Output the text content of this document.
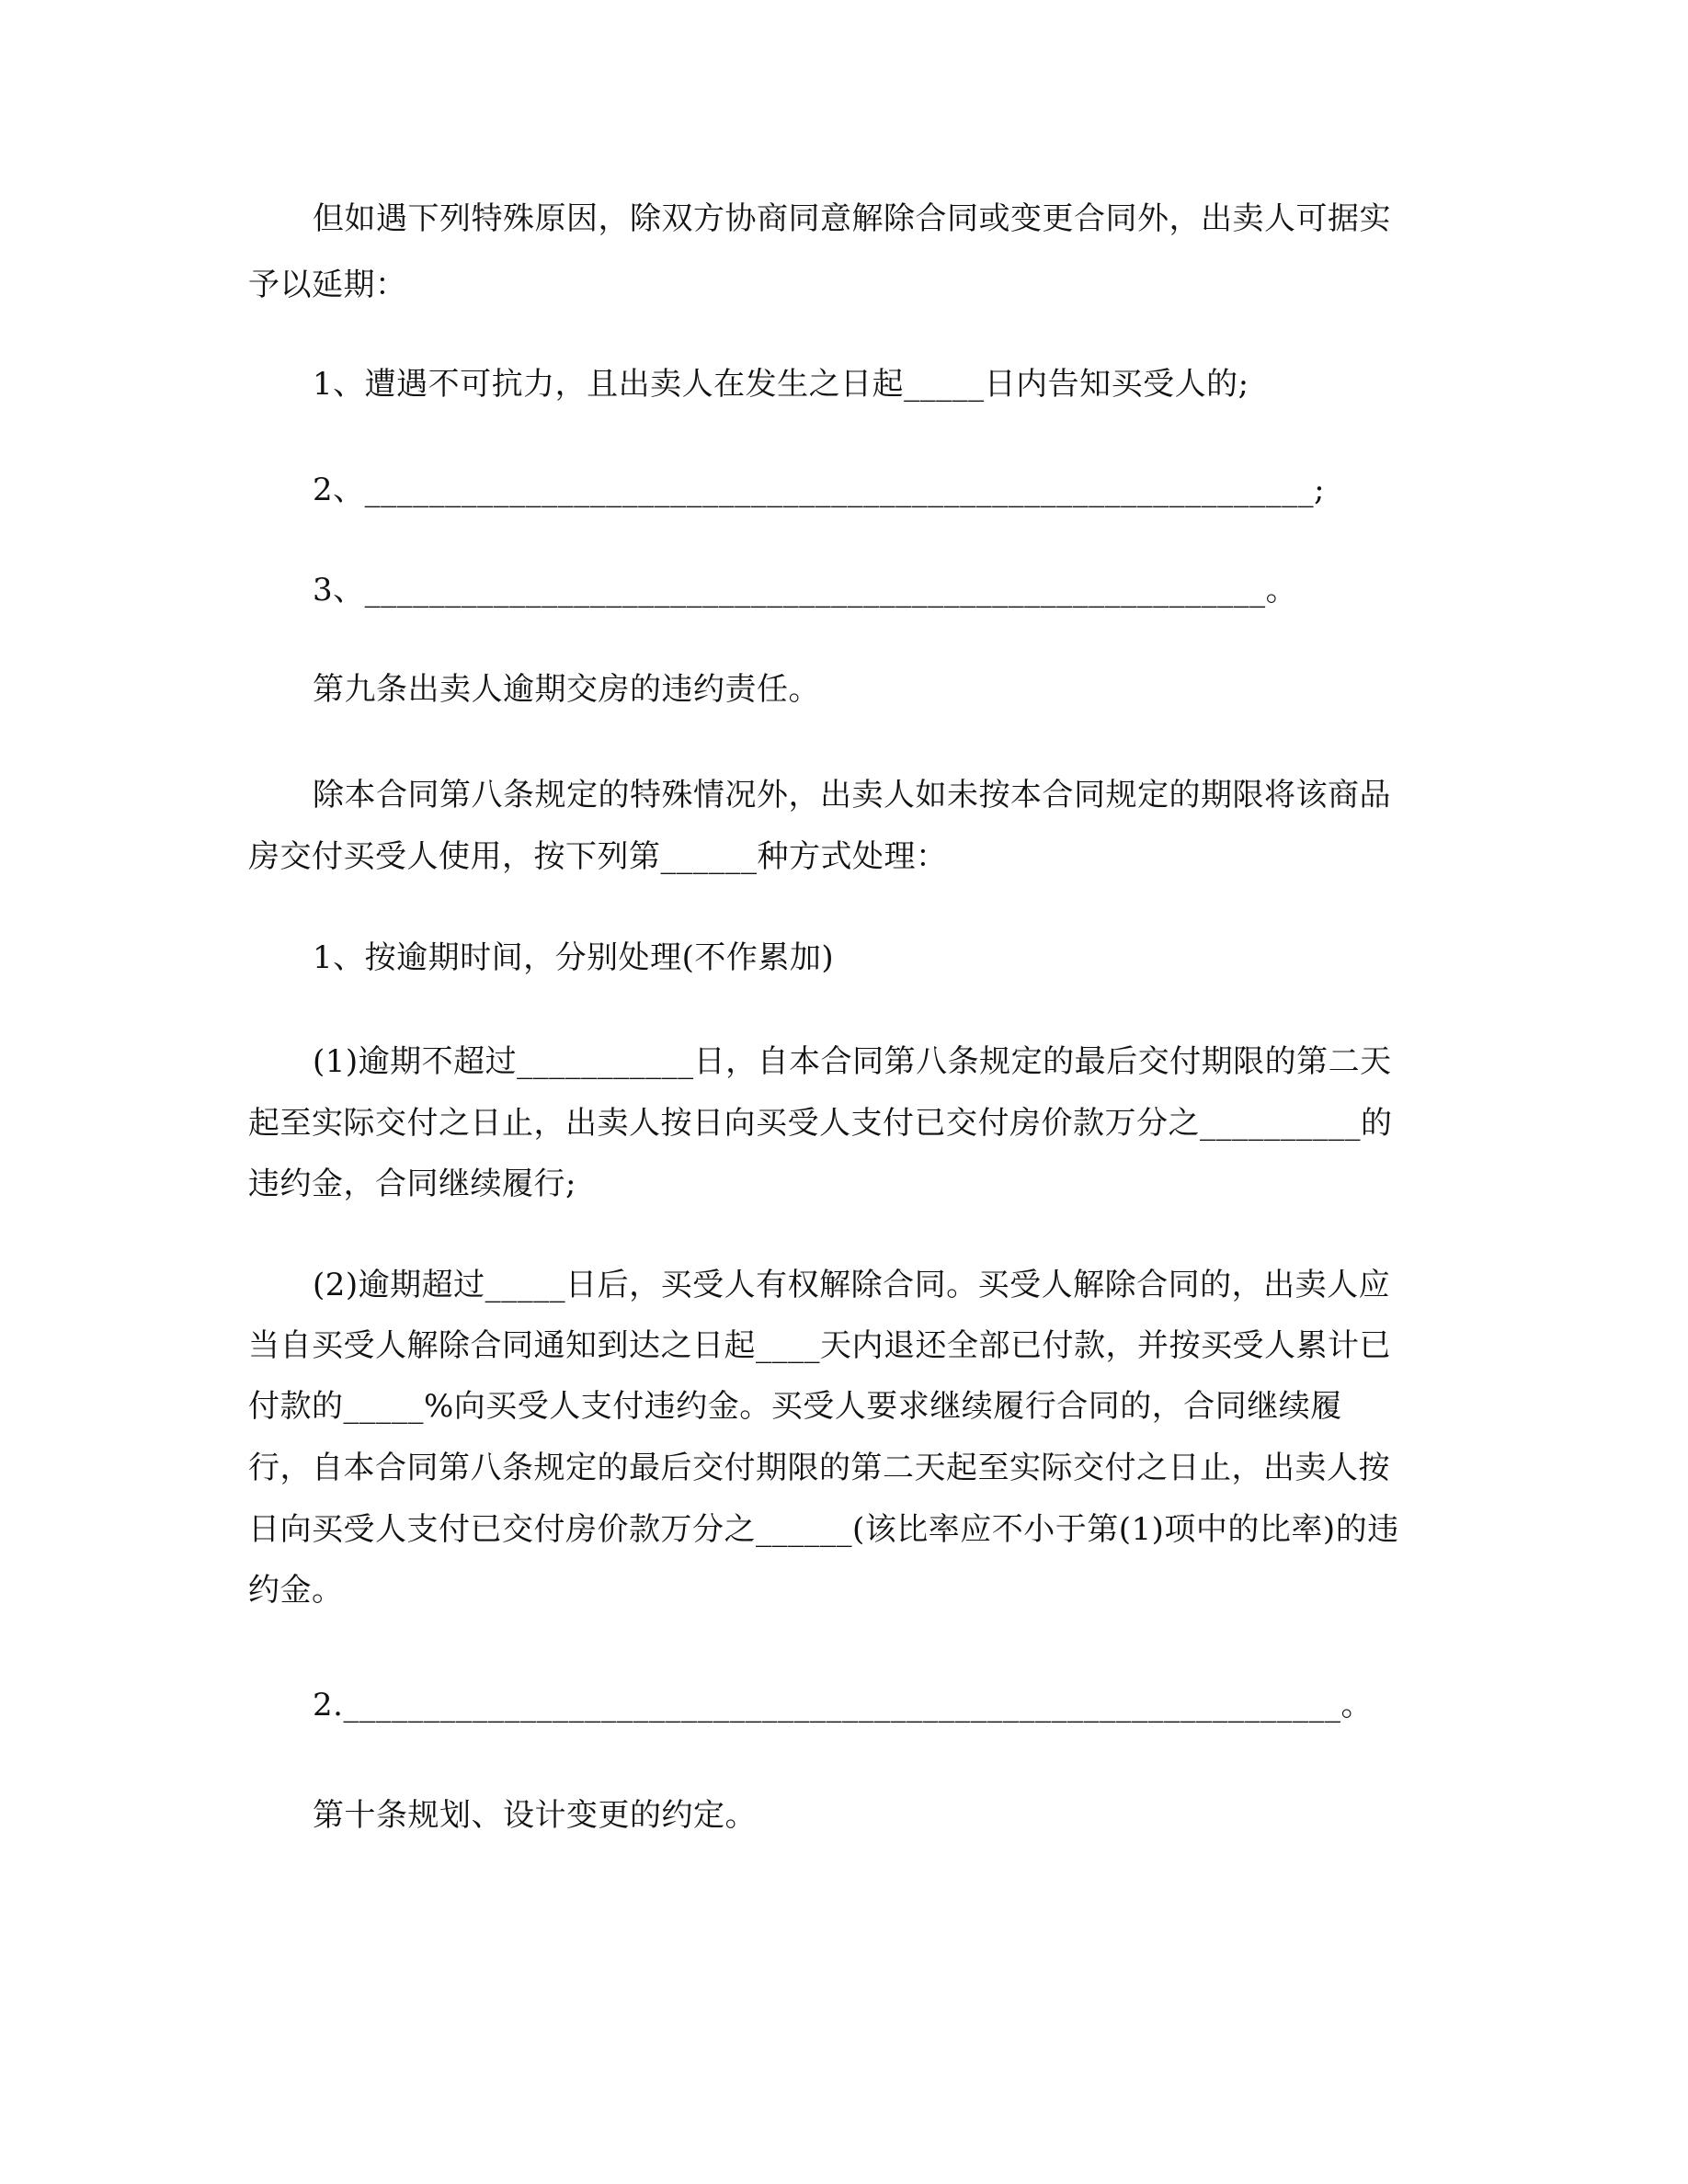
但如遇下列特殊原因，除双方协商同意解除合同或变更合同外，出卖人可据实
予以延期：
1、遭遇不可抗力，且出卖人在发生之日起_____日内告知买受人的;
2、___________________________________________________________;
3、________________________________________________________。
第九条出卖人逾期交房的违约责任。
除本合同第八条规定的特殊情况外，出卖人如未按本合同规定的期限将该商品
房交付买受人使用，按下列第______种方式处理：
1、按逾期时间，分别处理(不作累加)
(1)逾期不超过___________日，自本合同第八条规定的最后交付期限的第二天
起至实际交付之日止，出卖人按日向买受人支付已交付房价款万分之__________的
违约金，合同继续履行;
(2)逾期超过_____日后，买受人有权解除合同。买受人解除合同的，出卖人应
当自买受人解除合同通知到达之日起____天内退还全部已付款，并按买受人累计已
付款的_____%向买受人支付违约金。买受人要求继续履行合同的，合同继续履
行，自本合同第八条规定的最后交付期限的第二天起至实际交付之日止，出卖人按
日向买受人支付已交付房价款万分之______(该比率应不小于第(1)项中的比率)的违
约金。
2.______________________________________________________________。
第十条规划、设计变更的约定。
